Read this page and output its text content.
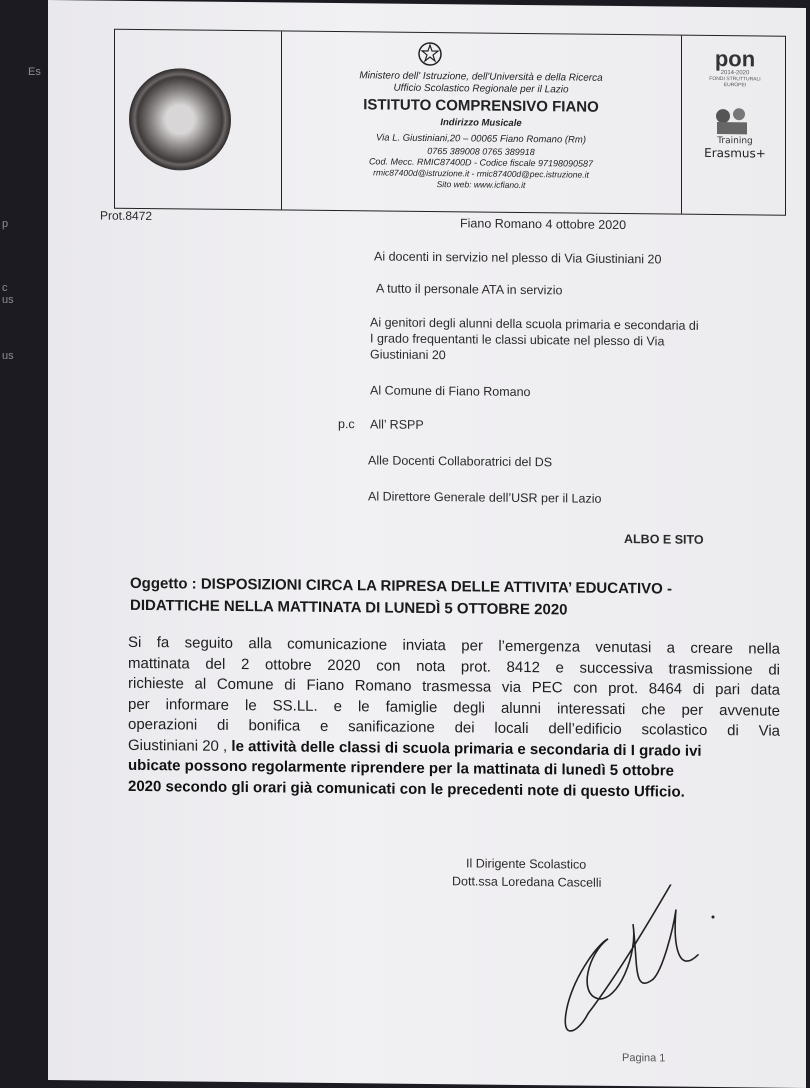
Es
p
c
us
us
Ministero dell' Istruzione, dell'Università e della Ricerca
Ufficio Scolastico Regionale per il Lazio
ISTITUTO COMPRENSIVO FIANO
Indirizzo Musicale
Via L. Giustiniani,20 – 00065 Fiano Romano (Rm)
0765 389008 0765 389918
Cod. Mecc. RMIC87400D - Codice fiscale 97198090587
rmic87400d@istruzione.it - rmic87400d@pec.istruzione.it
Sito web: www.icfiano.it
pon
2014-2020
FONDI STRUTTURALI EUROPEI
Training
Erasmus+
Prot.8472
Fiano Romano 4 ottobre 2020
Ai docenti in servizio nel plesso di Via Giustiniani 20
A tutto il personale ATA in servizio
Ai genitori degli alunni della scuola primaria e secondaria di
I grado frequentanti le classi ubicate nel plesso di Via
Giustiniani 20
Al Comune di Fiano Romano
p.c All’ RSPP
Alle Docenti Collaboratrici del DS
Al Direttore Generale dell’USR per il Lazio
ALBO E SITO
Oggetto : DISPOSIZIONI CIRCA LA RIPRESA DELLE ATTIVITA’ EDUCATIVO -
DIDATTICHE NELLA MATTINATA DI LUNEDÌ 5 OTTOBRE 2020
Si fa seguito alla comunicazione inviata per l’emergenza venutasi a creare nella
mattinata del 2 ottobre 2020 con nota prot. 8412 e successiva trasmissione di
richieste al Comune di Fiano Romano trasmessa via PEC con prot. 8464 di pari data
per informare le SS.LL. e le famiglie degli alunni interessati che per avvenute
operazioni di bonifica e sanificazione dei locali dell’edificio scolastico di Via
Giustiniani 20 , le attività delle classi di scuola primaria e secondaria di I grado ivi
ubicate possono regolarmente riprendere per la mattinata di lunedì 5 ottobre
2020 secondo gli orari già comunicati con le precedenti note di questo Ufficio.
Il Dirigente Scolastico
Dott.ssa Loredana Cascelli
Pagina 1
